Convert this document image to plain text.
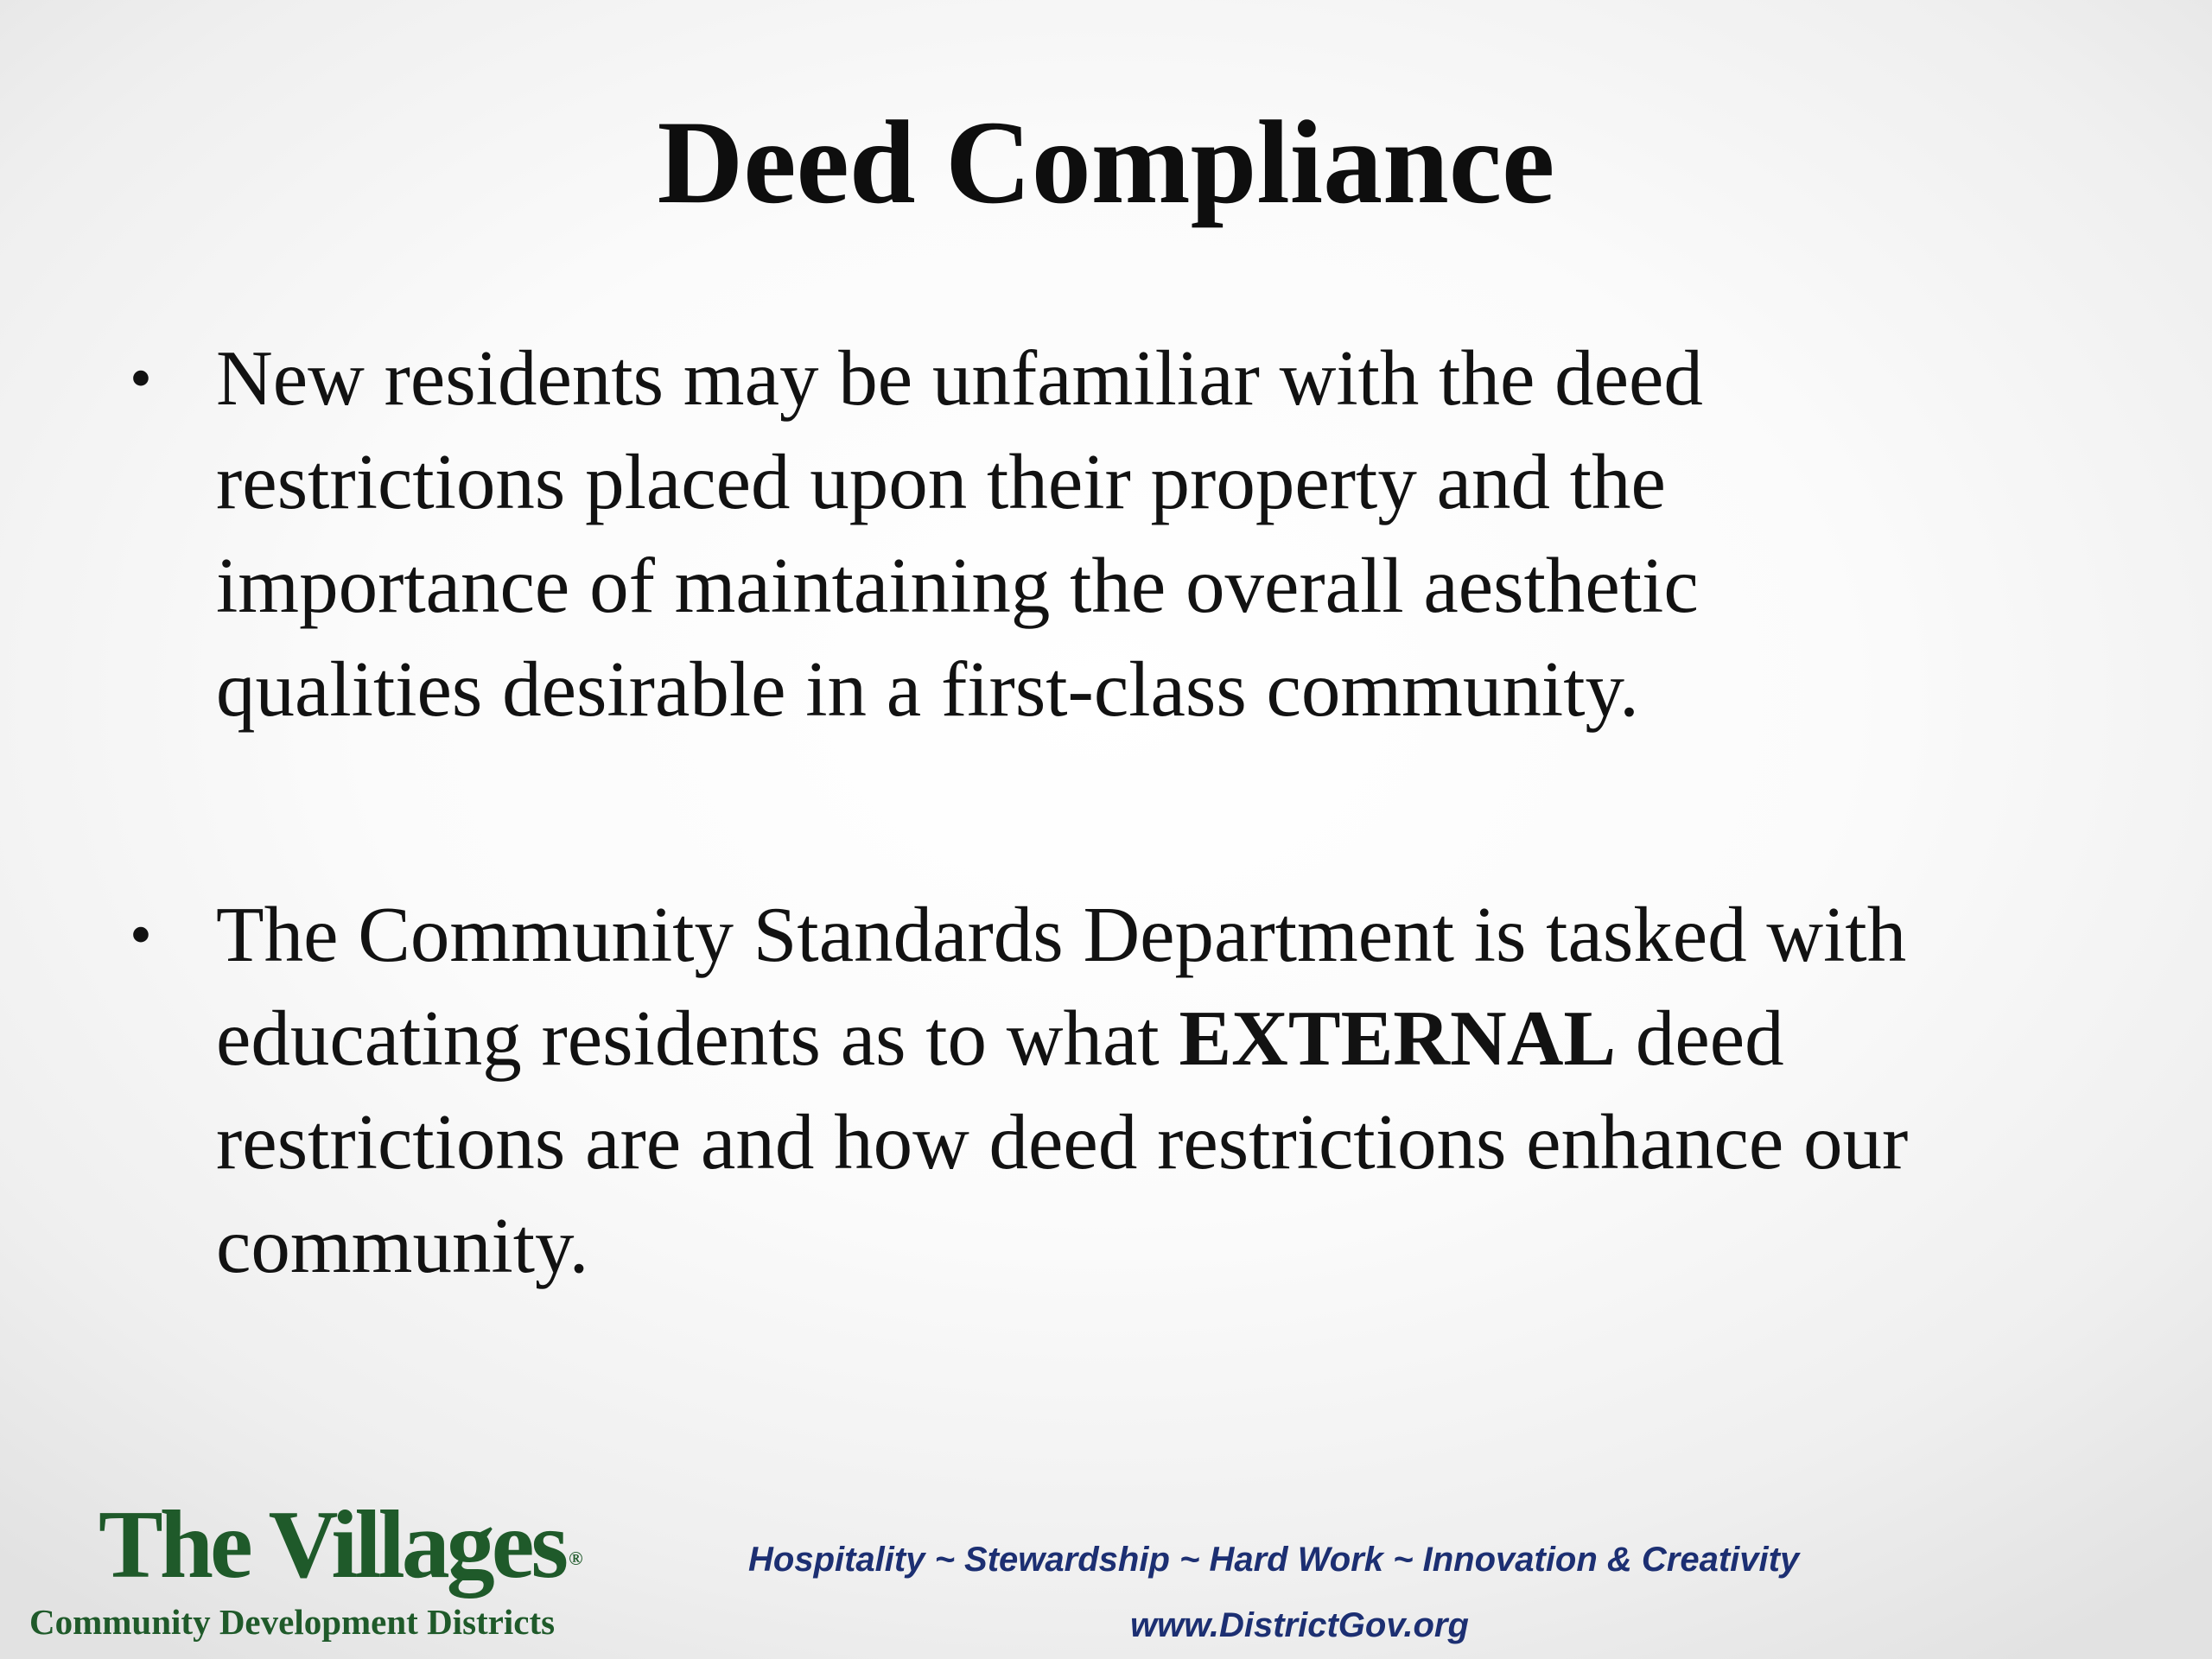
Deed Compliance
• New residents may be unfamiliar with the deed
restrictions placed upon their property and the
importance of maintaining the overall aesthetic
qualities desirable in a first-class community.
• The Community Standards Department is tasked with
educating residents as to what EXTERNAL deed
restrictions are and how deed restrictions enhance our
community.
The Villages ®
Community Development Districts
Hospitality ~ Stewardship ~ Hard Work ~ Innovation & Creativity
www.DistrictGov.org
